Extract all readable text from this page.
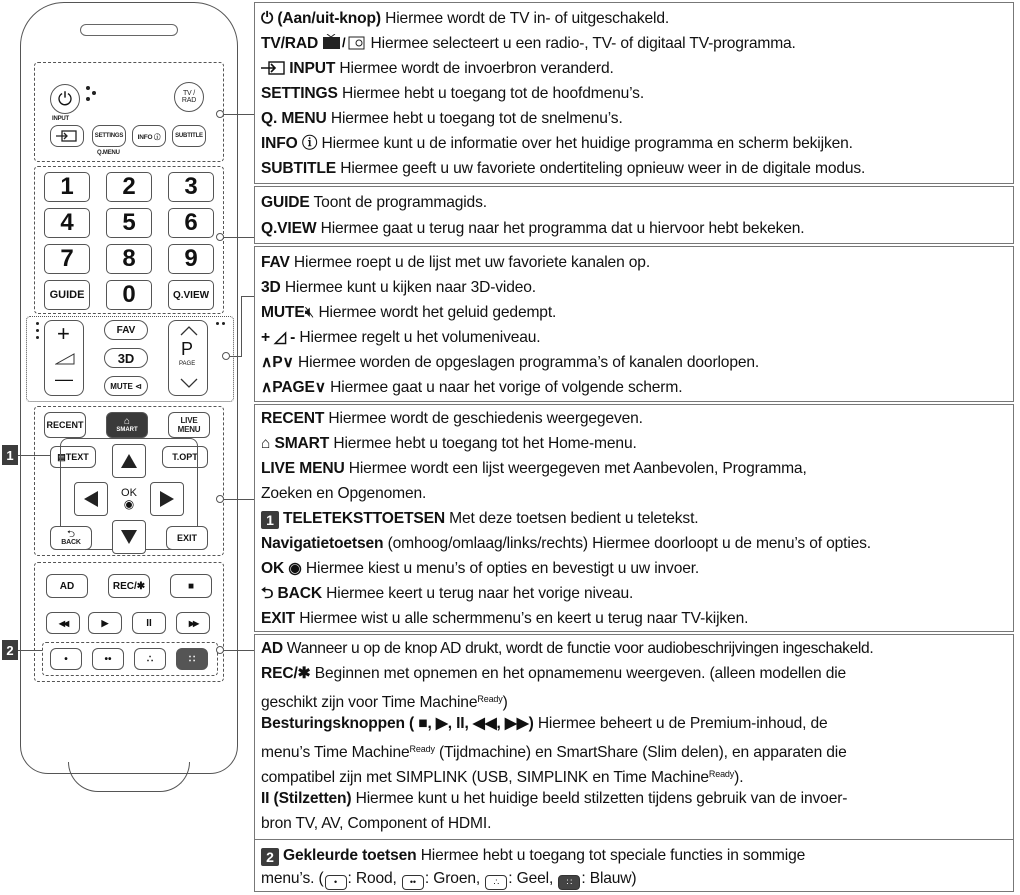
⏻	TV /
RAD
INPUT
SETTINGS
Q.MENU
INFO ⓘ SUBTITLE
1	2	3
4	5	6
7	8	9
GUIDE	0	Q.VIEW
+
—
FAV
3D
MUTE ⊲
P
PAGE
RECENT	⌂
SMART
LIVE
MENU
▤TEXT	T.OPT
OK
◉
⮌
BACK	EXIT
AD	REC/✱	■
◀◀	▶	II	▶▶
•	••	∴	∷
1
2
⏻ (Aan/uit-knop) Hiermee wordt de TV in- of uitgeschakeld.
TV/RAD / Hiermee selecteert u een radio-, TV- of digitaal TV-programma.
INPUT Hiermee wordt de invoerbron veranderd.
SETTINGS Hiermee hebt u toegang tot de hoofdmenu’s.
Q. MENU Hiermee hebt u toegang tot de snelmenu’s.
INFO ⓘ Hiermee kunt u de informatie over het huidige programma en scherm bekijken.
SUBTITLE Hiermee geeft u uw favoriete ondertiteling opnieuw weer in de digitale modus.
GUIDE Toont de programmagids.
Q.VIEW Hiermee gaat u terug naar het programma dat u hiervoor hebt bekeken.
FAV Hiermee roept u de lijst met uw favoriete kanalen op.
3D Hiermee kunt u kijken naar 3D-video.
MUTE🔇︎ Hiermee wordt het geluid gedempt.
+ ◿ - Hiermee regelt u het volumeniveau.
∧P∨ Hiermee worden de opgeslagen programma’s of kanalen doorlopen.
∧PAGE∨ Hiermee gaat u naar het vorige of volgende scherm.
RECENT Hiermee wordt de geschiedenis weergegeven.
⌂ SMART Hiermee hebt u toegang tot het Home-menu.
LIVE MENU Hiermee wordt een lijst weergegeven met Aanbevolen, Programma,
Zoeken en Opgenomen.
1 TELETEKSTTOETSEN Met deze toetsen bedient u teletekst.
Navigatietoetsen (omhoog/omlaag/links/rechts) Hiermee doorloopt u de menu’s of opties.
OK ◉ Hiermee kiest u menu’s of opties en bevestigt u uw invoer.
⮌ BACK Hiermee keert u terug naar het vorige niveau.
EXIT Hiermee wist u alle schermmenu’s en keert u terug naar TV-kijken.
AD Wanneer u op de knop AD drukt, wordt de functie voor audiobeschrijvingen ingeschakeld.
REC/✱ Beginnen met opnemen en het opnamemenu weergeven. (alleen modellen die
geschikt zijn voor Time Machine$^{Ready}$)
Besturingsknoppen ( ■, ▶, II, ◀◀, ▶▶) Hiermee beheert u de Premium-inhoud, de
menu’s Time Machine$^{Ready}$ (Tijdmachine) en SmartShare (Slim delen), en apparaten die
compatibel zijn met SIMPLINK (USB, SIMPLINK en Time Machine$^{Ready}$).
II (Stilzetten) Hiermee kunt u het huidige beeld stilzetten tijdens gebruik van de invoer-
bron TV, AV, Component of HDMI.
2 Gekleurde toetsen Hiermee hebt u toegang tot speciale functies in sommige
menu’s. ( • : Rood, •• : Groen, ∴ : Geel, ∷ : Blauw)
